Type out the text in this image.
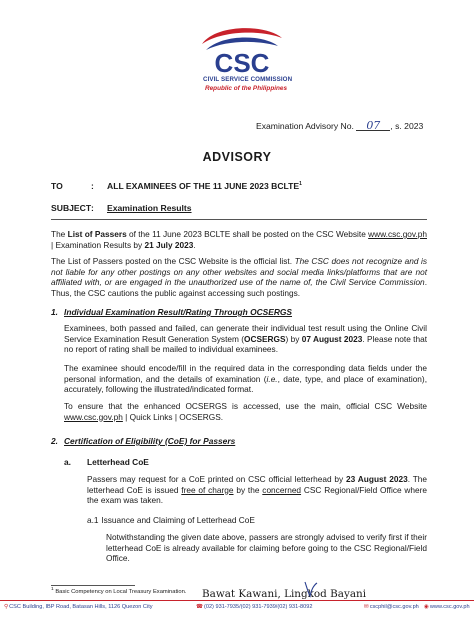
CSC
CIVIL SERVICE COMMISSION
Republic of the Philippines
Examination Advisory No. 07 , s. 2023
ADVISORY
TO	: ALL EXAMINEES OF THE 11 JUNE 2023 BCLTE$^1$
SUBJECT : Examination Results
The List of Passers of the 11 June 2023 BCLTE shall be posted on the CSC Website www.csc.gov.ph | Examination Results by 21 July 2023.
The List of Passers posted on the CSC Website is the official list. The CSC does not recognize and is not liable for any other postings on any other websites and social media links/platforms that are not affiliated with, or are engaged in the unauthorized use of the name of, the Civil Service Commission. Thus, the CSC cautions the public against accessing such postings.
1. Individual Examination Result/Rating Through OCSERGS
Examinees, both passed and failed, can generate their individual test result using the Online Civil Service Examination Result Generation System (OCSERGS) by 07 August 2023. Please note that no report of rating shall be mailed to individual examinees.
The examinee should encode/fill in the required data in the corresponding data fields under the personal information, and the details of examination (i.e., date, type, and place of examination), accurately, following the illustrated/indicated format.
To ensure that the enhanced OCSERGS is accessed, use the main, official CSC Website www.csc.gov.ph | Quick Links | OCSERGS.
2. Certification of Eligibility (CoE) for Passers
a. Letterhead CoE
Passers may request for a CoE printed on CSC official letterhead by 23 August 2023. The letterhead CoE is issued free of charge by the concerned CSC Regional/Field Office where the exam was taken.
a.1 Issuance and Claiming of Letterhead CoE
Notwithstanding the given date above, passers are strongly advised to verify first if their letterhead CoE is already available for claiming before going to the CSC Regional/Field Office.
$^1$ Basic Competency on Local Treasury Examination. Bawat Kawani, Lingkod Bayani
⚲CSC Building, IBP Road, Batasan Hills, 1126 Quezon City	☎(02) 931-7935/(02) 931-7939/(02) 931-8092	✉cscphil@csc.gov.ph ◉www.csc.gov.ph
